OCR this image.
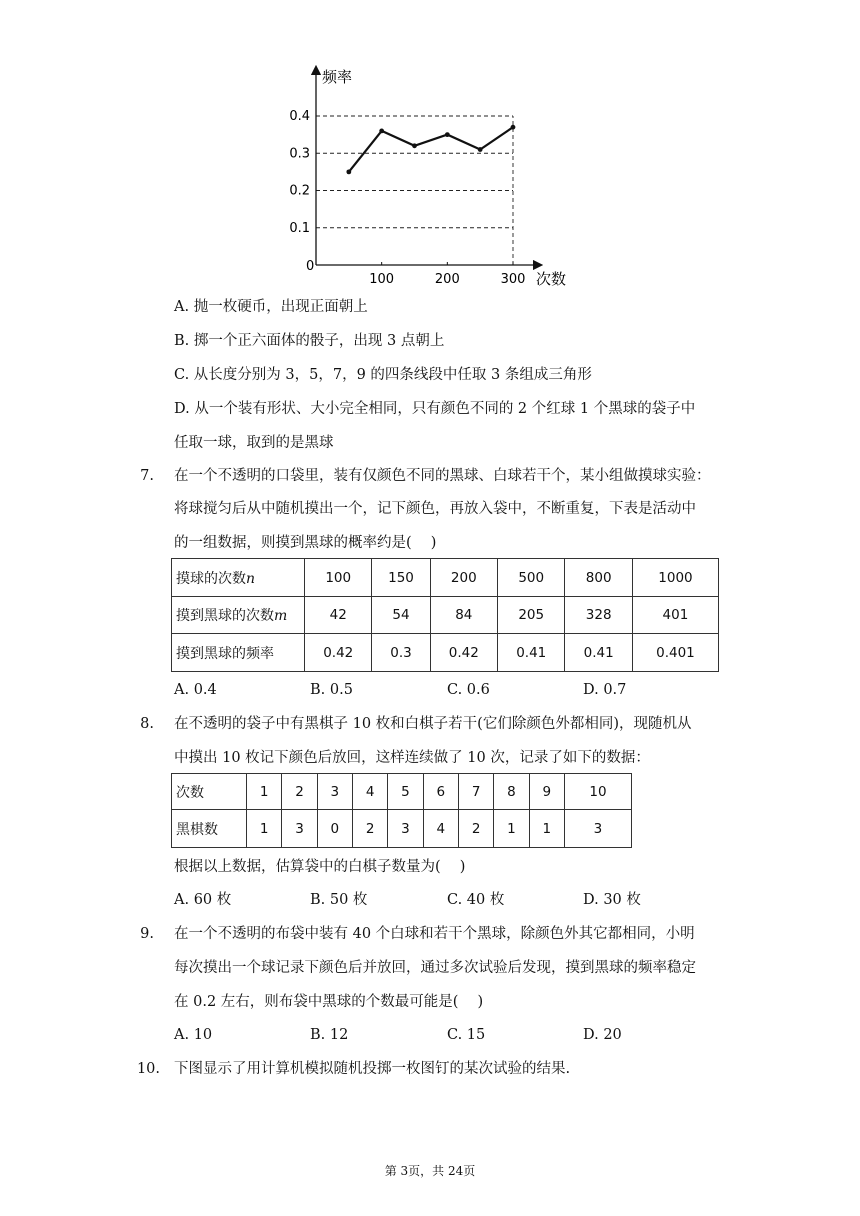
频率
次数
0
0.1
0.2
0.3
0.4
100	200	300
A. 抛一枚硬币，出现正面朝上
B. 掷一个正六面体的骰子，出现 3 点朝上
C. 从长度分别为 3，5，7，9 的四条线段中任取 3 条组成三角形
D. 从一个装有形状、大小完全相同，只有颜色不同的 2 个红球 1 个黑球的袋子中
任取一球，取到的是黑球
7. 在一个不透明的口袋里，装有仅颜色不同的黑球、白球若干个，某小组做摸球实验：
将球搅匀后从中随机摸出一个，记下颜色，再放入袋中，不断重复，下表是活动中
的一组数据，则摸到黑球的概率约是(　 )
摸球的次数𝑛	100	150	200	500	800	1000
摸到黑球的次数𝑚	42	54	84	205	328	401
摸到黑球的频率	0.42	0.3	0.42	0.41	0.41	0.401
A. 0.4	B. 0.5	C. 0.6	D. 0.7
8. 在不透明的袋子中有黑棋子 10 枚和白棋子若干(它们除颜色外都相同)，现随机从
中摸出 10 枚记下颜色后放回，这样连续做了 10 次，记录了如下的数据：
次数	1	2	3	4	5	6	7	8	9	10
黑棋数	1	3	0	2	3	4	2	1	1	3
根据以上数据，估算袋中的白棋子数量为(　 )
A. 60 枚	B. 50 枚	C. 40 枚	D. 30 枚
9. 在一个不透明的布袋中装有 40 个白球和若干个黑球，除颜色外其它都相同，小明
每次摸出一个球记录下颜色后并放回，通过多次试验后发现，摸到黑球的频率稳定
在 0.2 左右，则布袋中黑球的个数最可能是(　 )
A. 10	B. 12	C. 15	D. 20
10. 下图显示了用计算机模拟随机投掷一枚图钉的某次试验的结果.
第 3页，共 24页
